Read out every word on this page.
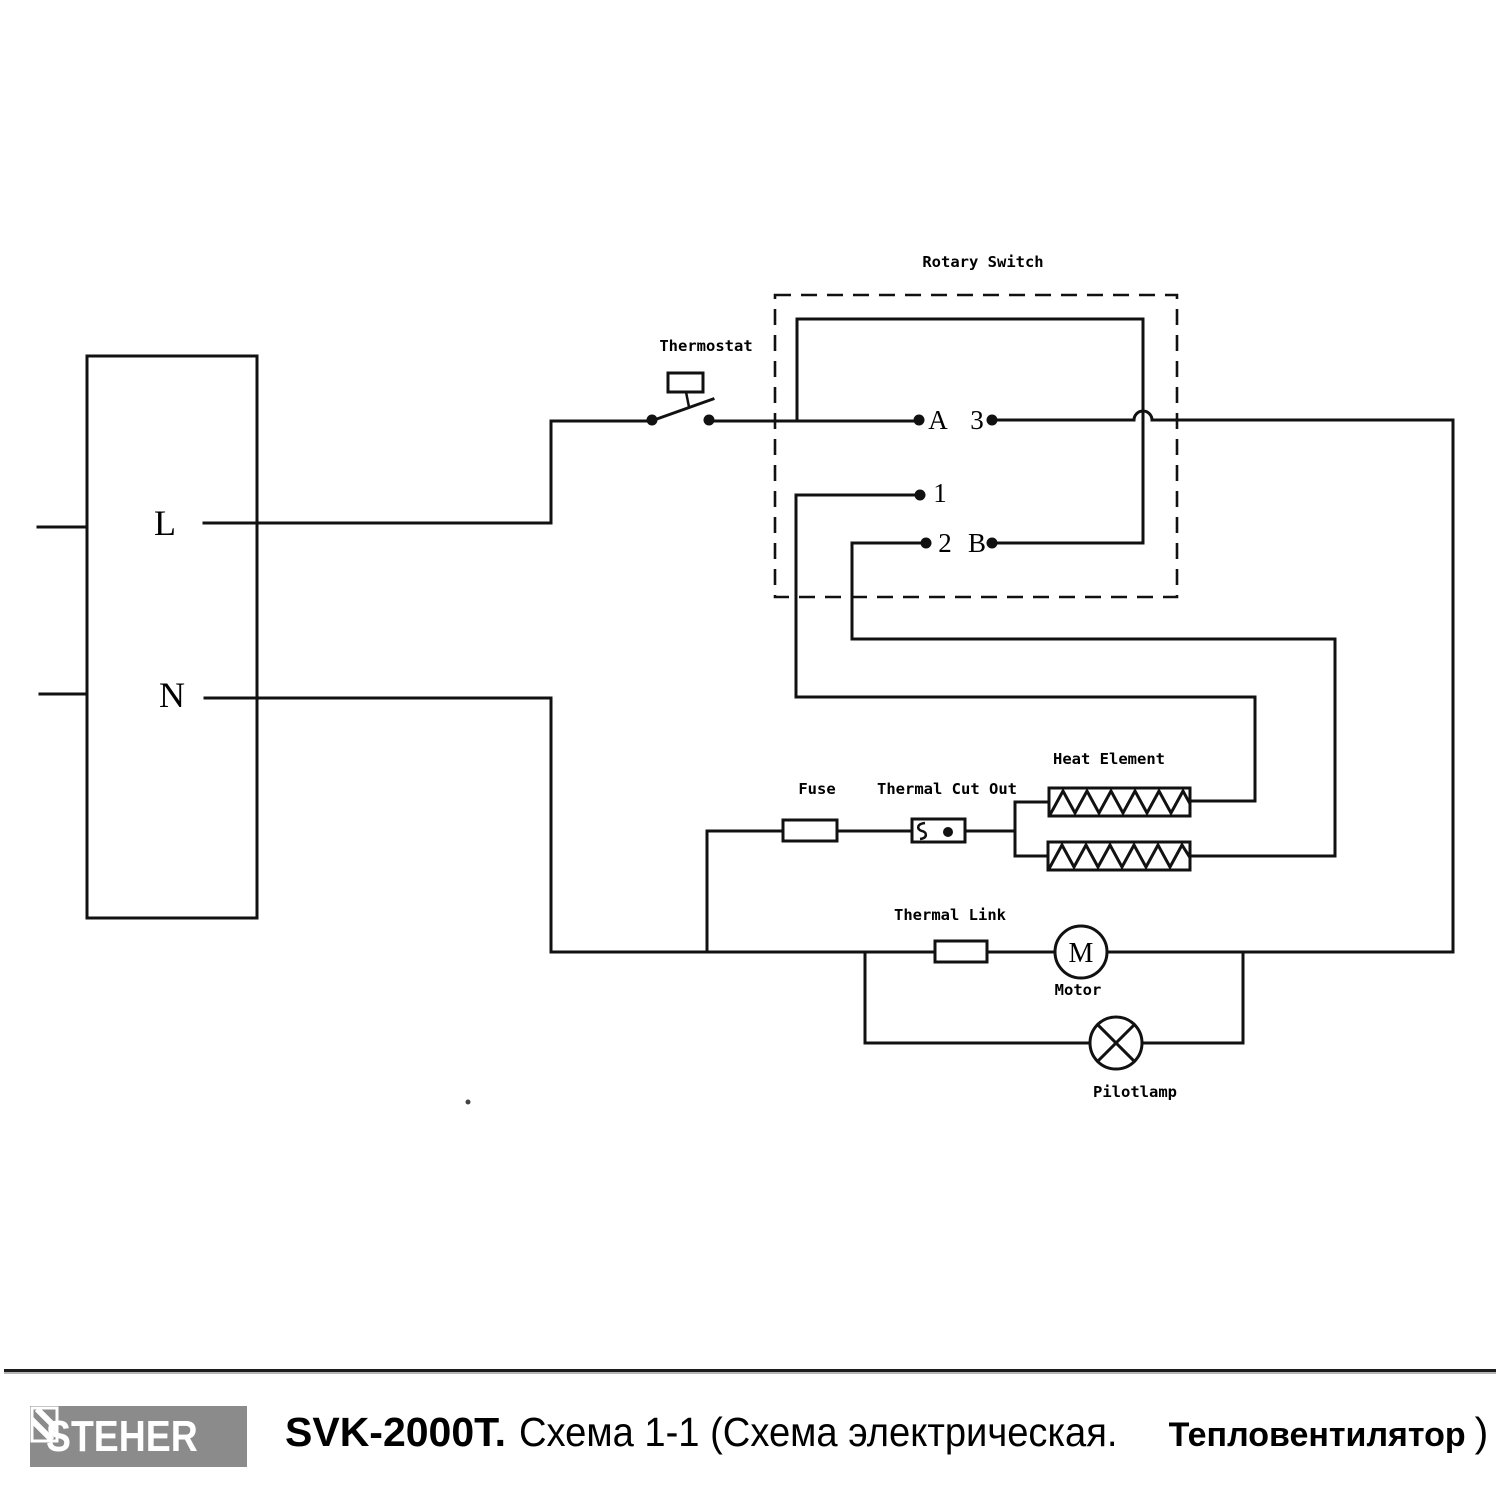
L
N
Thermostat
Rotary Switch
A 3
1
2 B
Fuse	Thermal Cut Out
Heat Element
Thermal Link
M
Motor
Pilotlamp
STEHER SVK-2000T. Схема 1-1 (Схема электрическая. Тепловентилятор )
